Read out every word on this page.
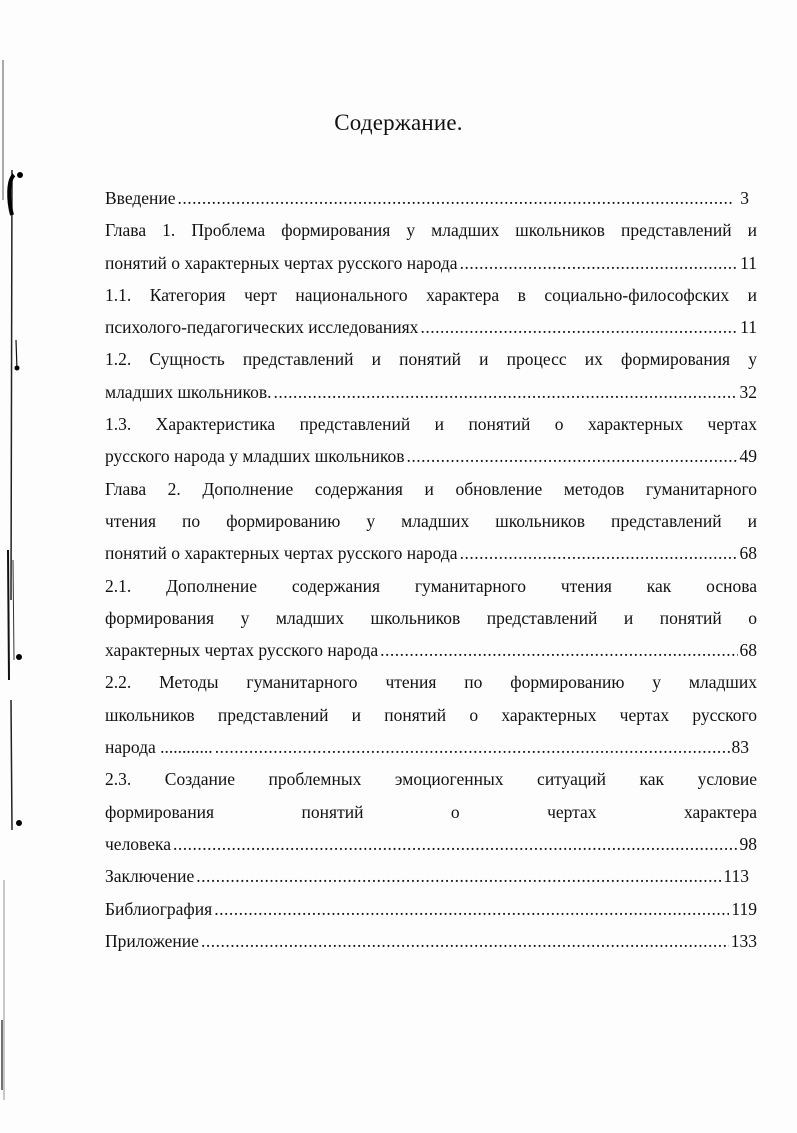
Содержание.
Введение .....	3
Глава 1. Проблема формирования у младших школьников представлений и
понятий о характерных чертах русского народа .....	11
1.1. Категория черт национального характера в социально-философских и
психолого-педагогических исследованиях .....	11
1.2. Сущность представлений и понятий и процесс их формирования у
младших школьников. .....	32
1.3. Характеристика представлений и понятий о характерных чертах
русского народа у младших школьников .....	49
Глава 2. Дополнение содержания и обновление методов гуманитарного
чтения по формированию у младших школьников представлений и
понятий о характерных чертах русского народа .....	68
2.1. Дополнение содержания гуманитарного чтения как основа
формирования у младших школьников представлений и понятий о
характерных чертах русского народа .....	68
2.2. Методы гуманитарного чтения по формированию у младших
школьников представлений и понятий о характерных чертах русского
народа ............ .....	83
2.3. Создание проблемных эмоциогенных ситуаций как условие
формирования понятий о чертах характера
человека .....	98
Заключение .....	113
Библиография .....	119
Приложение .....	133
